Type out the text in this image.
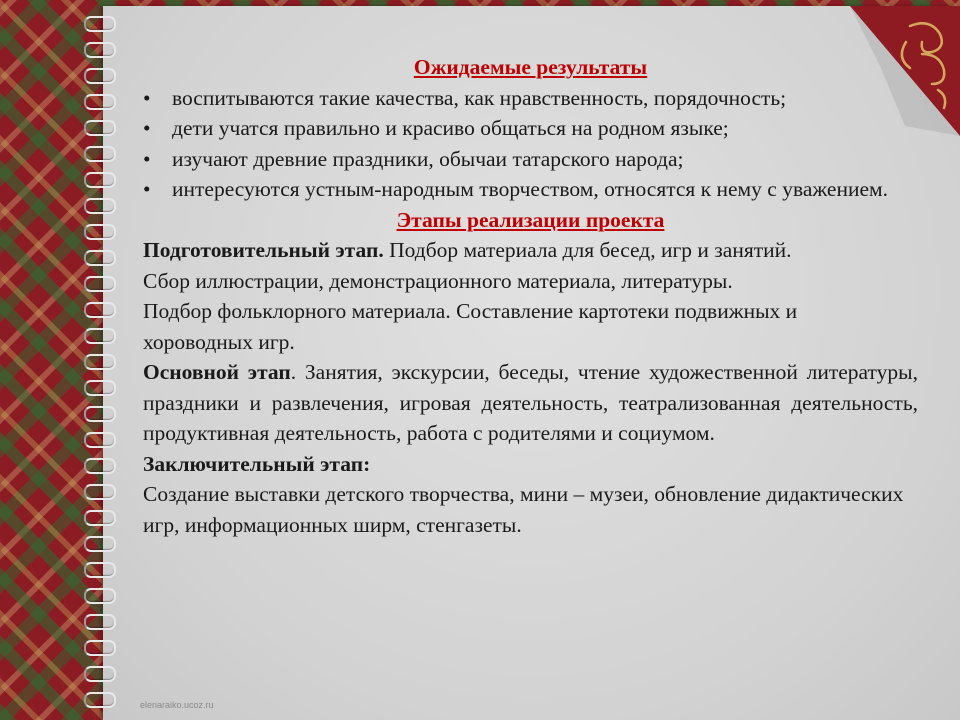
Ожидаемые результаты

• воспитываются такие качества, как нравственность, порядочность;
• дети учатся правильно и красиво общаться на родном языке;
• изучают древние праздники, обычаи татарского народа;
• интересуются устным-народным творчеством, относятся к нему с уважением.

Этапы реализации проекта

Подготовительный этап. Подбор материала для бесед, игр и занятий.

Сбор иллюстрации, демонстрационного материала, литературы.

Подбор фольклорного материала. Составление картотеки подвижных и хороводных игр.

Основной этап. Занятия, экскурсии, беседы, чтение художественной литературы, праздники и развлечения, игровая деятельность, театрализованная деятельность, продуктивная деятельность, работа с родителями и социумом.

Заключительный этап:

Создание выставки детского творчества, мини – музеи, обновление дидактических игр, информационных ширм, стенгазеты.

elenaraiko.ucoz.ru
